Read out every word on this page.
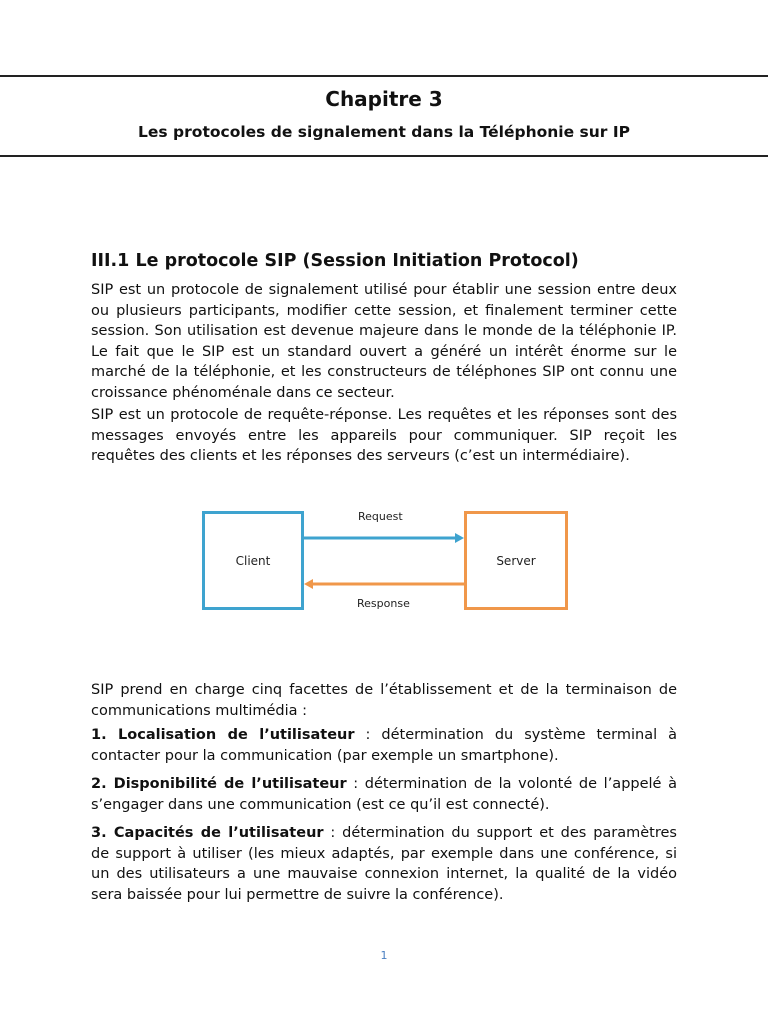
Chapitre 3
Les protocoles de signalement dans la Téléphonie sur IP
III.1 Le protocole SIP (Session Initiation Protocol)

SIP est un protocole de signalement utilisé pour établir une session entre deux ou plusieurs participants, modifier cette session, et finalement terminer cette session. Son utilisation est devenue majeure dans le monde de la téléphonie IP. Le fait que le SIP est un standard ouvert a généré un intérêt énorme sur le marché de la téléphonie, et les constructeurs de téléphones SIP ont connu une croissance phénoménale dans ce secteur.

SIP est un protocole de requête-réponse. Les requêtes et les réponses sont des messages envoyés entre les appareils pour communiquer. SIP reçoit les requêtes des clients et les réponses des serveurs (c’est un intermédiaire).

Client	Server
Request
Response

SIP prend en charge cinq facettes de l’établissement et de la terminaison de communications multimédia :

1. Localisation de l’utilisateur : détermination du système terminal à contacter pour la communication (par exemple un smartphone).

2. Disponibilité de l’utilisateur : détermination de la volonté de l’appelé à s’engager dans une communication (est ce qu’il est connecté).

3. Capacités de l’utilisateur : détermination du support et des paramètres de support à utiliser (les mieux adaptés, par exemple dans une conférence, si un des utilisateurs a une mauvaise connexion internet, la qualité de la vidéo sera baissée pour lui permettre de suivre la conférence).

1
